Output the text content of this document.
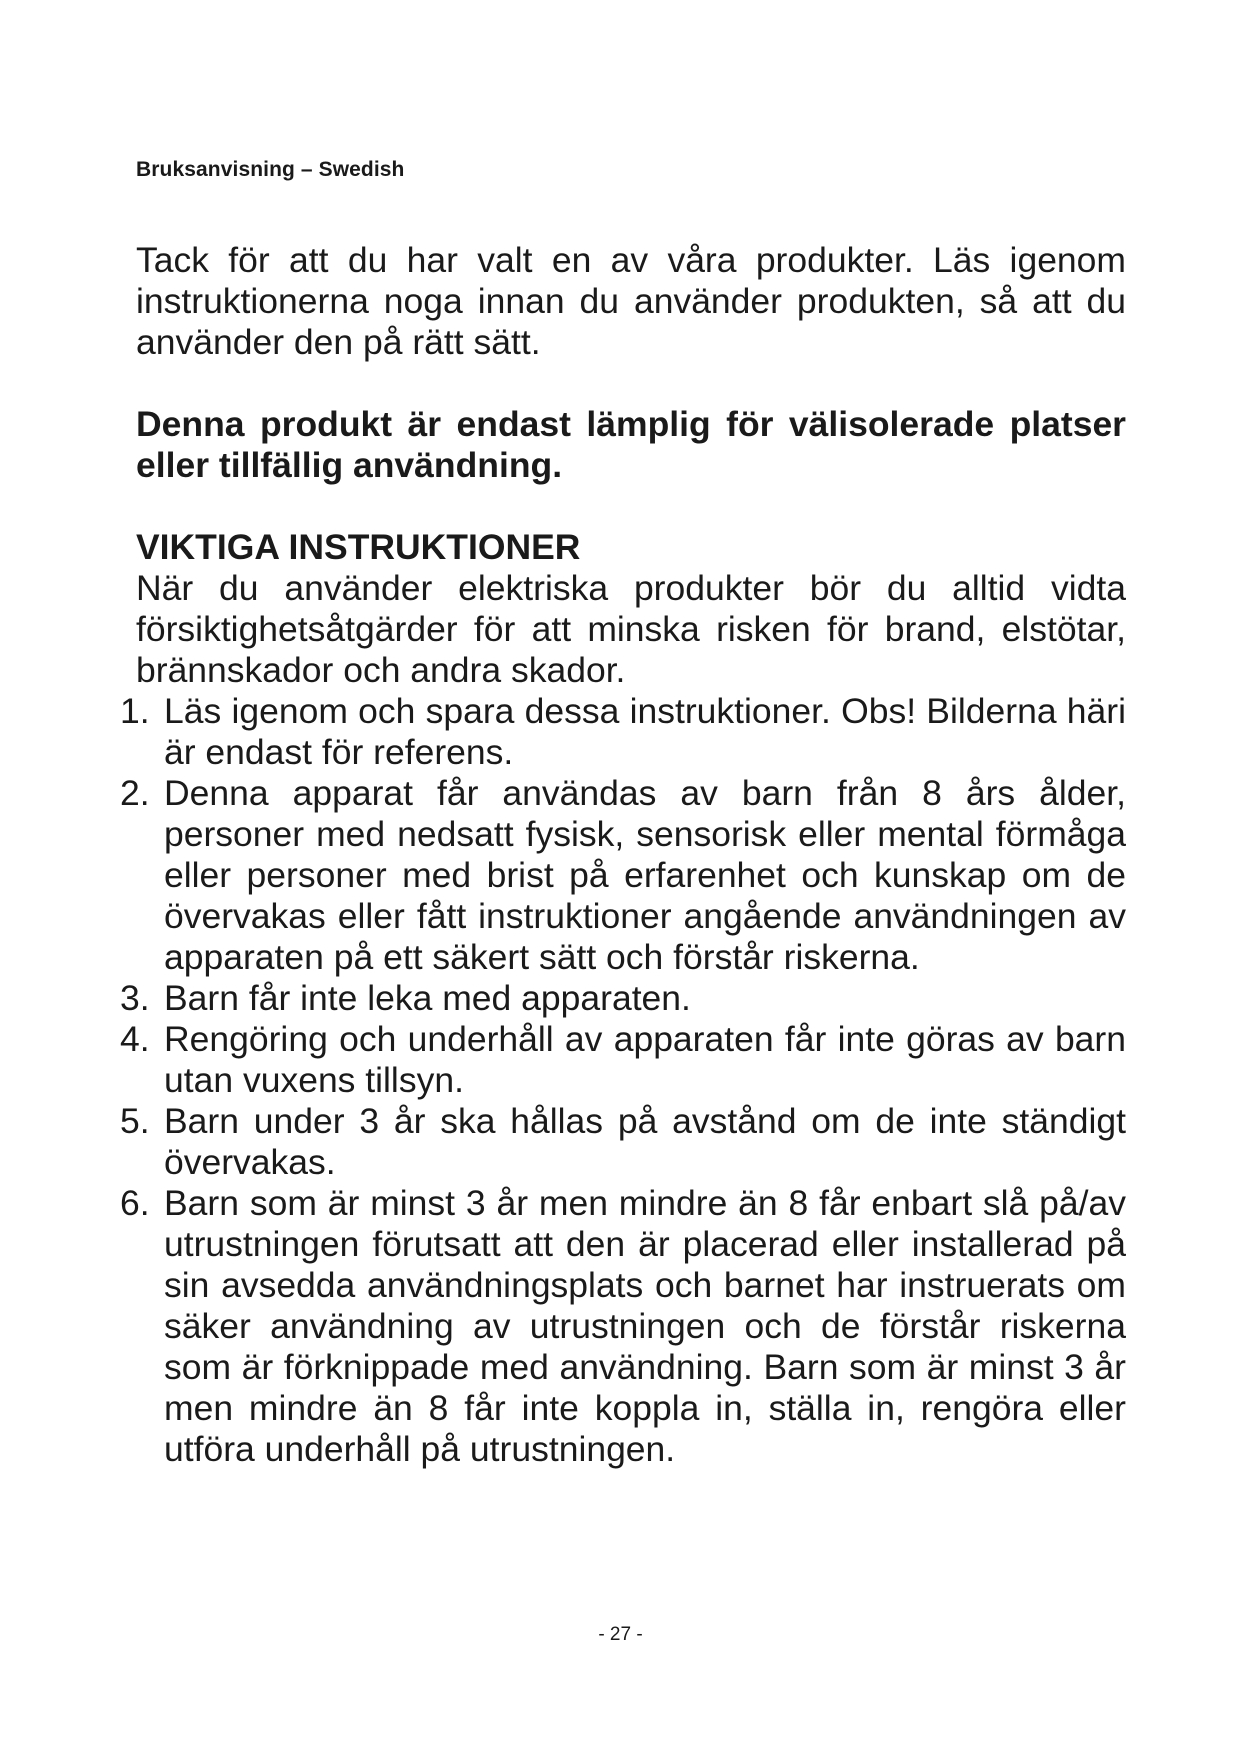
Bruksanvisning – Swedish

Tack för att du har valt en av våra produkter. Läs igenom instruktionerna noga innan du använder produkten, så att du använder den på rätt sätt.

Denna produkt är endast lämplig för välisolerade platser eller tillfällig användning.

VIKTIGA INSTRUKTIONER

När du använder elektriska produkter bör du alltid vidta försiktighetsåtgärder för att minska risken för brand, elstötar, brännskador och andra skador.

1. Läs igenom och spara dessa instruktioner. Obs! Bilderna häri är endast för referens.
2. Denna apparat får användas av barn från 8 års ålder, personer med nedsatt fysisk, sensorisk eller mental förmåga eller personer med brist på erfarenhet och kunskap om de övervakas eller fått instruktioner angående användningen av apparaten på ett säkert sätt och förstår riskerna.
3. Barn får inte leka med apparaten.
4. Rengöring och underhåll av apparaten får inte göras av barn utan vuxens tillsyn.
5. Barn under 3 år ska hållas på avstånd om de inte ständigt övervakas.
6. Barn som är minst 3 år men mindre än 8 får enbart slå på/av utrustningen förutsatt att den är placerad eller installerad på sin avsedda användningsplats och barnet har instruerats om säker användning av utrustningen och de förstår riskerna som är förknippade med användning. Barn som är minst 3 år men mindre än 8 får inte koppla in, ställa in, rengöra eller utföra underhåll på utrustningen.
- 27 -
